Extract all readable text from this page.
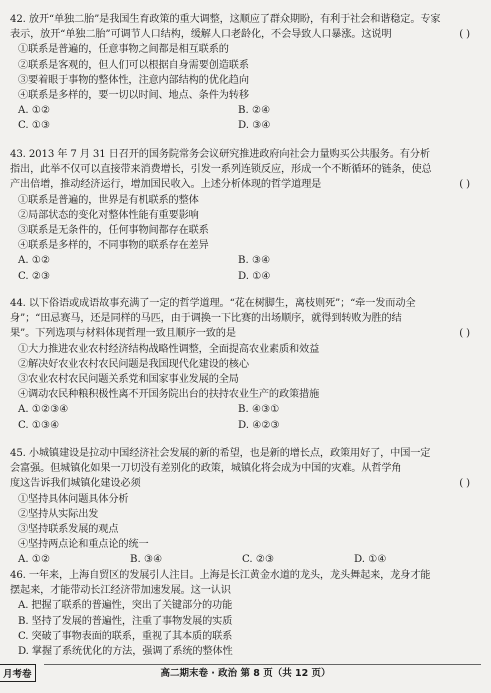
42. 放开“单独二胎”是我国生育政策的重大调整，这顺应了群众期盼，有利于社会和谐稳定。专家
表示，放开“单独二胎”可调节人口结构，缓解人口老龄化，不会导致人口暴涨。这说明	( )
①联系是普遍的，任意事物之间都是相互联系的
②联系是客观的，但人们可以根据自身需要创造联系
③要着眼于事物的整体性，注意内部结构的优化趋向
④联系是多样的，要一切以时间、地点、条件为转移
A. ①②	B. ②④
C. ①③	D. ③④
43. 2013 年 7 月 31 日召开的国务院常务会议研究推进政府向社会力量购买公共服务。有分析
指出，此举不仅可以直接带来消费增长，引发一系列连锁反应，形成一个不断循环的链条，使总
产出倍增，推动经济运行，增加国民收入。上述分析体现的哲学道理是	( )
①联系是普遍的，世界是有机联系的整体
②局部状态的变化对整体性能有重要影响
③联系是无条件的，任何事物间都存在联系
④联系是多样的，不同事物的联系存在差异
A. ①②	B. ③④
C. ②③	D. ①④
44. 以下俗语或成语故事充满了一定的哲学道理。“花在树脚生，离枝则死”；“牵一发而动全
身”；“田忌赛马，还是同样的马匹，由于调换一下比赛的出场顺序，就得到转败为胜的结
果”。下列选项与材料体现哲理一致且顺序一致的是	( )
①大力推进农业农村经济结构战略性调整，全面提高农业素质和效益
②解决好农业农村农民问题是我国现代化建设的核心
③农业农村农民问题关系党和国家事业发展的全局
④调动农民种粮积极性离不开国务院出台的扶持农业生产的政策措施
A. ①②③④	B. ④③①
C. ①③④	D. ④②③
45. 小城镇建设是拉动中国经济社会发展的新的希望，也是新的增长点，政策用好了，中国一定
会富强。但城镇化如果一刀切没有差别化的政策，城镇化将会成为中国的灾难。从哲学角
度这告诉我们城镇化建设必须	( )
①坚持具体问题具体分析
②坚持从实际出发
③坚持联系发展的观点
④坚持两点论和重点论的统一
A. ①②	B. ③④	C. ②③	D. ①④
46. 一年来，上海自贸区的发展引人注目。上海是长江黄金水道的龙头，龙头舞起来，龙身才能
摆起来，才能带动长江经济带加速发展。这一认识
A. 把握了联系的普遍性，突出了关键部分的功能
B. 坚持了发展的普遍性，注重了事物发展的实质
C. 突破了事物表面的联系，重视了其本质的联系
D. 掌握了系统优化的方法，强调了系统的整体性
月考卷	高二期末卷 · 政治 第 8 页（共 12 页）
